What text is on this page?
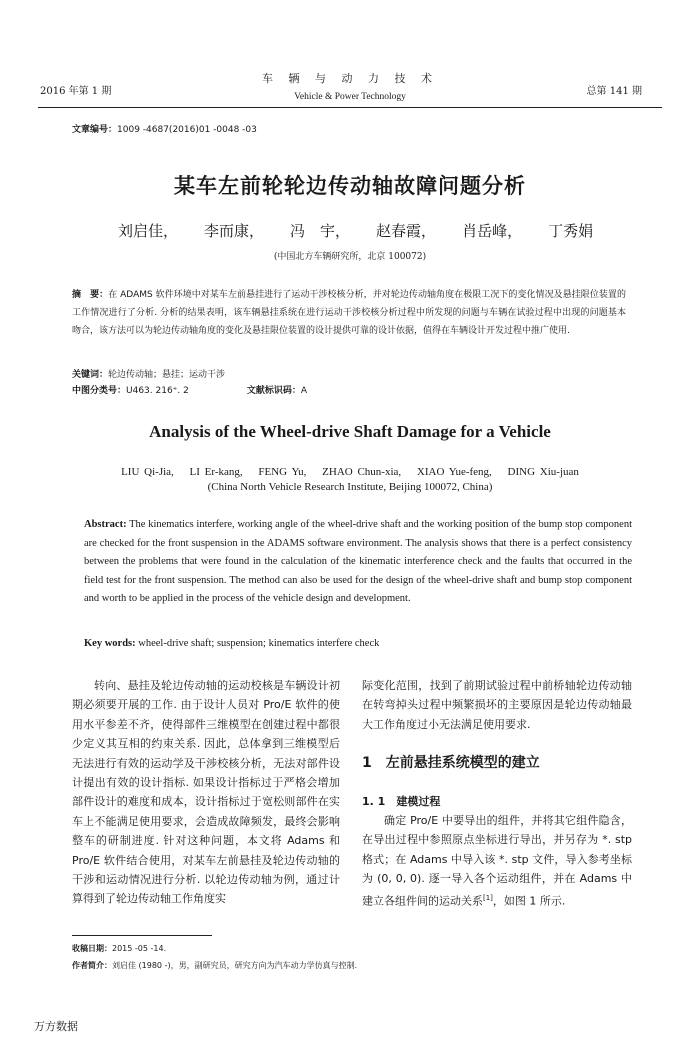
2016 年第 1 期
车 辆 与 动 力 技 术
Vehicle & Power Technology	总第 141 期
文章编号：1009 -4687(2016)01 -0048 -03
某车左前轮轮边传动轴故障问题分析
刘启佳， 李而康， 冯　宇， 赵春霞， 肖岳峰， 丁秀娟
(中国北方车辆研究所，北京 100072)
摘　要：在 ADAMS 软件环境中对某车左前悬挂进行了运动干涉校核分析，并对轮边传动轴角度在极限工况下的变化情况及悬挂限位装置的工作情况进行了分析. 分析的结果表明，该车辆悬挂系统在进行运动干涉校核分析过程中所发现的问题与车辆在试验过程中出现的问题基本吻合，该方法可以为轮边传动轴角度的变化及悬挂限位装置的设计提供可靠的设计依据，值得在车辆设计开发过程中推广使用.
关键词：轮边传动轴；悬挂；运动干涉
中图分类号：U463. 216⁺. 2	文献标识码：A
Analysis of the Wheel-drive Shaft Damage for a Vehicle
LIU Qi-Jia,　 LI Er-kang,　 FENG Yu,　 ZHAO Chun-xia,　 XIAO Yue-feng,　 DING Xiu-juan
(China North Vehicle Research Institute, Beijing 100072, China)
Abstract: The kinematics interfere, working angle of the wheel-drive shaft and the working position of the bump stop component are checked for the front suspension in the ADAMS software environment. The analysis shows that there is a perfect consistency between the problems that were found in the calculation of the kinematic interference check and the faults that occurred in the field test for the front suspension. The method can also be used for the design of the wheel-drive shaft and bump stop component and worth to be applied in the process of the vehicle design and development.
Key words: wheel-drive shaft; suspension; kinematics interfere check

转向、悬挂及轮边传动轴的运动校核是车辆设计初期必须要开展的工作. 由于设计人员对 Pro/E 软件的使用水平参差不齐，使得部件三维模型在创建过程中都很少定义其互相的约束关系. 因此，总体拿到三维模型后无法进行有效的运动学及干涉校核分析，无法对部件设计提出有效的设计指标. 如果设计指标过于严格会增加部件设计的难度和成本，设计指标过于宽松则部件在实车上不能满足使用要求，会造成故障频发，最终会影响整车的研制进度. 针对这种问题，本文将 Adams 和 Pro/E 软件结合使用，对某车左前悬挂及轮边传动轴的干涉和运动情况进行分析. 以轮边传动轴为例，通过计算得到了轮边传动轴工作角度实

际变化范围，找到了前期试验过程中前桥轴轮边传动轴在转弯掉头过程中频繁损坏的主要原因是轮边传动轴最大工作角度过小无法满足使用要求.

1　左前悬挂系统模型的建立
1. 1　建模过程

确定 Pro/E 中要导出的组件，并将其它组件隐含，在导出过程中参照原点坐标进行导出，并另存为 *. stp 格式；在 Adams 中导入该 *. stp 文件，导入参考坐标为 (0, 0, 0). 逐一导入各个运动组件，并在 Adams 中建立各组件间的运动关系[1]，如图 1 所示.

收稿日期：2015 -05 -14.
作者简介：刘启佳 (1980 -)，男，副研究员，研究方向为汽车动力学仿真与控制.
万方数据
